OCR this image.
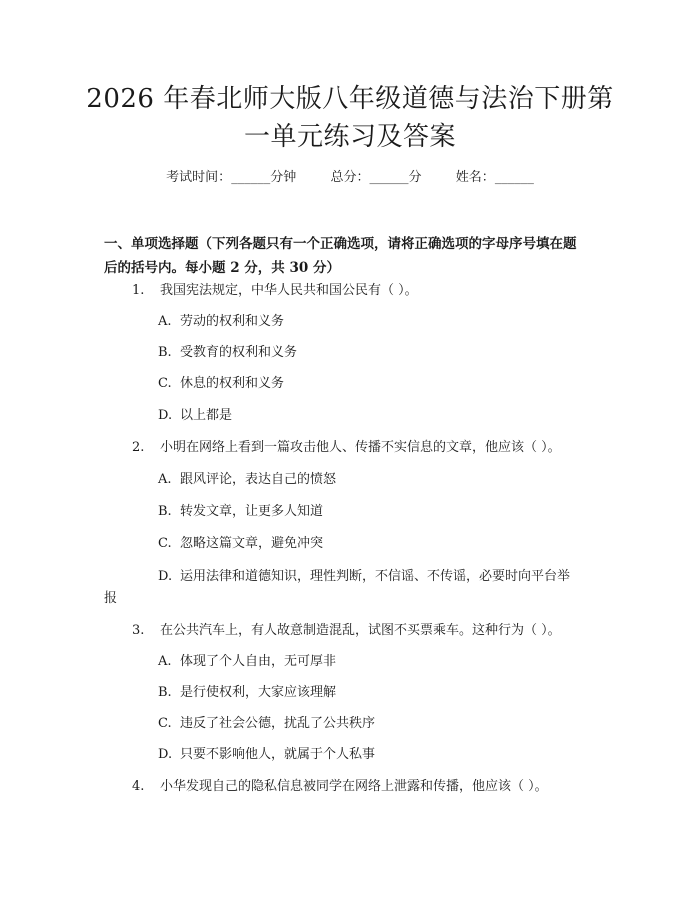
2026 年春北师大版八年级道德与法治下册第
一单元练习及答案
考试时间：______分钟	总分：______分	姓名：______
一、单项选择题（下列各题只有一个正确选项，请将正确选项的字母序号填在题
后的括号内。每小题 2 分，共 30 分）
1. 我国宪法规定，中华人民共和国公民有（ ）。
A. 劳动的权利和义务
B. 受教育的权利和义务
C. 休息的权利和义务
D. 以上都是
2. 小明在网络上看到一篇攻击他人、传播不实信息的文章，他应该（ ）。
A. 跟风评论，表达自己的愤怒
B. 转发文章，让更多人知道
C. 忽略这篇文章，避免冲突
D. 运用法律和道德知识，理性判断，不信谣、不传谣，必要时向平台举
报
3. 在公共汽车上，有人故意制造混乱，试图不买票乘车。这种行为（ ）。
A. 体现了个人自由，无可厚非
B. 是行使权利，大家应该理解
C. 违反了社会公德，扰乱了公共秩序
D. 只要不影响他人，就属于个人私事
4. 小华发现自己的隐私信息被同学在网络上泄露和传播，他应该（ ）。
